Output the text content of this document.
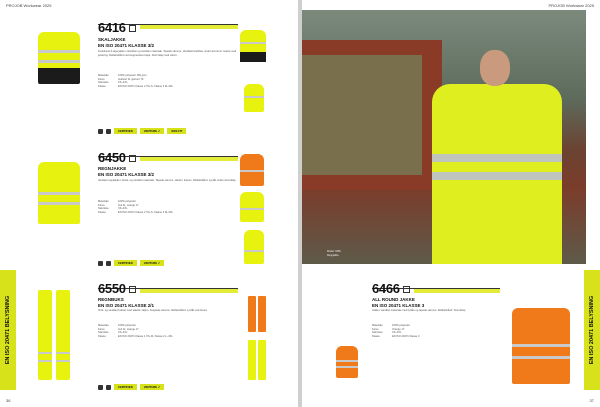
PROJOB Workwear 2025
EN ISO 20471 BELYSNING
36
6416
SKALJAKKE
EN ISO 20471 KLASSE 3/2
Funktionel 3-lags jakke i strækbar og vandtæt materiale. Tapede sømme. Ventilationsslidser under ærmerne. Hætte med justering. Refleksbånd med segmenteret tape. Stormklap med velcro.
Materiale	100% polyester 160 g/m²
Farve	Gul/sort 11 gul/sort 79
Størrelse	XS–4XL
Klasse	EN ISO 20471 Klasse 2 XS–S, Klasse 3 M–4XL
CERTIFIED	VENTURE ✓	SIZE FIT
6450
REGNJAKKE
EN ISO 20471 KLASSE 3/2
Vandtæt regnjakke i stræk- og vandtæt materiale. Tapede sømme. Hætte i kraven. Refleksbånd. Lynlås under stormklap.
Materiale	100% polyester
Farve	Gul 11, orange 17
Størrelse	XS–4XL
Klasse	EN ISO 20471 Klasse 2 XS–S, Klasse 3 M–4XL
CERTIFIED	VENTURE ✓
6550
REGNBUKS
EN ISO 20471 KLASSE 2/1
Vind- og vandtæt bukser med elastik i taljen. Svejsede sømme. Refleksbånd. Lynlås ved benet.
Materiale	100% polyester
Farve	Gul 11, orange 17
Størrelse	XS–4XL
Klasse	EN ISO 20471 Klasse 1 XS–M, Klasse 2 L–4XL
CERTIFIED	VENTURE ✓
PROJOB Workwear 2025
EN ISO 20471 BELYSNING
37
Model: 6450
Regnjakke
6466
ALL ROUND JAKKE
EN ISO 20471 KLASSE 3
Jakke i vandtæt materiale med lynlås og tapede sømme. Refleksbånd. Stormklap.
Materiale	100% polyester
Farve	Orange 17
Størrelse	XS–4XL
Klasse	EN ISO 20471 Klasse 3
